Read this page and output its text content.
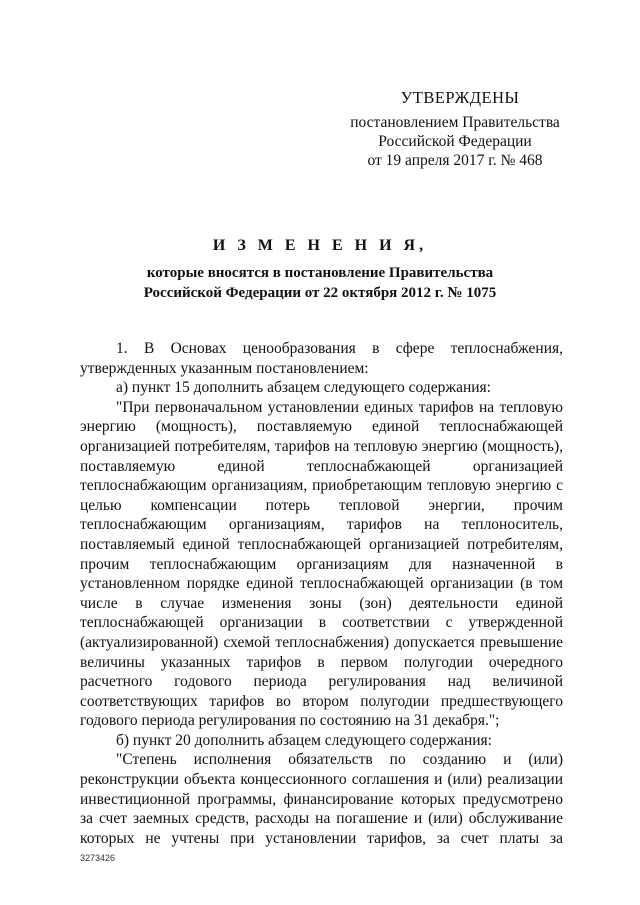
УТВЕРЖДЕНЫ
постановлением Правительства
Российской Федерации
от 19 апреля 2017 г. № 468
И З М Е Н Е Н И Я,
которые вносятся в постановление Правительства
Российской Федерации от 22 октября 2012 г. № 1075

1. В Основах ценообразования в сфере теплоснабжения, утвержденных указанным постановлением:

а) пункт 15 дополнить абзацем следующего содержания:

"При первоначальном установлении единых тарифов на тепловую энергию (мощность), поставляемую единой теплоснабжающей организацией потребителям, тарифов на тепловую энергию (мощность), поставляемую единой теплоснабжающей организацией теплоснабжающим организациям, приобретающим тепловую энергию с целью компенсации потерь тепловой энергии, прочим теплоснабжающим организациям, тарифов на теплоноситель, поставляемый единой теплоснабжающей организацией потребителям, прочим теплоснабжающим организациям для назначенной в установленном порядке единой теплоснабжающей организации (в том числе в случае изменения зоны (зон) деятельности единой теплоснабжающей организации в соответствии с утвержденной (актуализированной) схемой теплоснабжения) допускается превышение величины указанных тарифов в первом полугодии очередного расчетного годового периода регулирования над величиной соответствующих тарифов во втором полугодии предшествующего годового периода регулирования по состоянию на 31 декабря.";

б) пункт 20 дополнить абзацем следующего содержания:

"Степень исполнения обязательств по созданию и (или) реконструкции объекта концессионного соглашения и (или) реализации инвестиционной программы, финансирование которых предусмотрено за счет заемных средств, расходы на погашение и (или) обслуживание которых не учтены при установлении тарифов, за счет платы за

3273426
